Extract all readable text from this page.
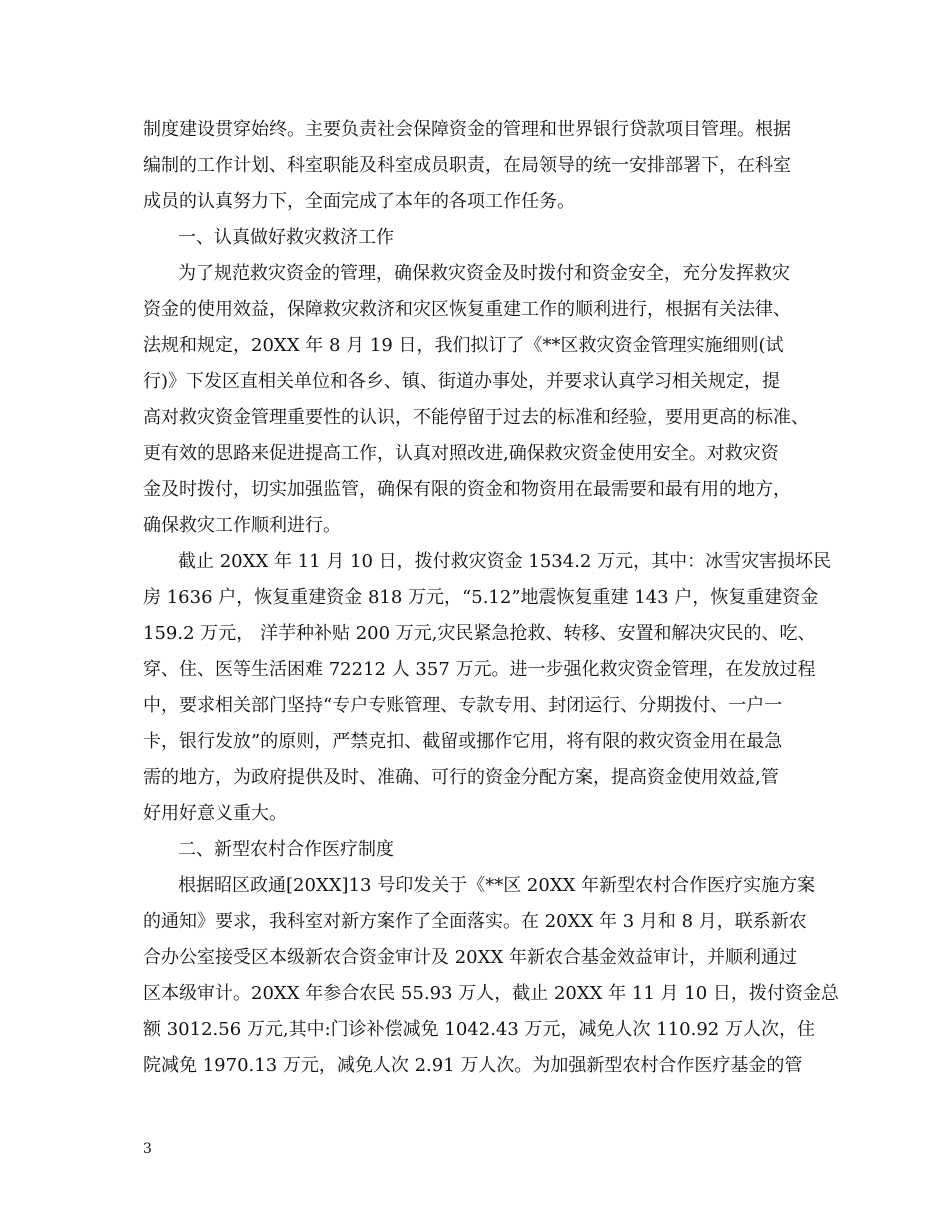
制度建设贯穿始终。主要负责社会保障资金的管理和世界银行贷款项目管理。根据
编制的工作计划、科室职能及科室成员职责，在局领导的统一安排部署下，在科室
成员的认真努力下，全面完成了本年的各项工作任务。
一、认真做好救灾救济工作
为了规范救灾资金的管理，确保救灾资金及时拨付和资金安全，充分发挥救灾
资金的使用效益，保障救灾救济和灾区恢复重建工作的顺利进行，根据有关法律、
法规和规定，20XX 年 8 月 19 日，我们拟订了《**区救灾资金管理实施细则(试
行)》下发区直相关单位和各乡、镇、街道办事处，并要求认真学习相关规定，提
高对救灾资金管理重要性的认识，不能停留于过去的标准和经验，要用更高的标准、
更有效的思路来促进提高工作，认真对照改进,确保救灾资金使用安全。对救灾资
金及时拨付，切实加强监管，确保有限的资金和物资用在最需要和最有用的地方，
确保救灾工作顺利进行。
截止 20XX 年 11 月 10 日，拨付救灾资金 1534.2 万元，其中：冰雪灾害损坏民
房 1636 户，恢复重建资金 818 万元，“5.12”地震恢复重建 143 户，恢复重建资金
159.2 万元， 洋芋种补贴 200 万元,灾民紧急抢救、转移、安置和解决灾民的、吃、
穿、住、医等生活困难 72212 人 357 万元。进一步强化救灾资金管理，在发放过程
中，要求相关部门坚持“专户专账管理、专款专用、封闭运行、分期拨付、一户一
卡，银行发放”的原则，严禁克扣、截留或挪作它用，将有限的救灾资金用在最急
需的地方，为政府提供及时、准确、可行的资金分配方案，提高资金使用效益,管
好用好意义重大。
二、新型农村合作医疗制度
根据昭区政通[20XX]13 号印发关于《**区 20XX 年新型农村合作医疗实施方案
的通知》要求，我科室对新方案作了全面落实。在 20XX 年 3 月和 8 月，联系新农
合办公室接受区本级新农合资金审计及 20XX 年新农合基金效益审计，并顺利通过
区本级审计。20XX 年参合农民 55.93 万人，截止 20XX 年 11 月 10 日，拨付资金总
额 3012.56 万元,其中:门诊补偿减免 1042.43 万元，减免人次 110.92 万人次，住
院减免 1970.13 万元，减免人次 2.91 万人次。为加强新型农村合作医疗基金的管
3
